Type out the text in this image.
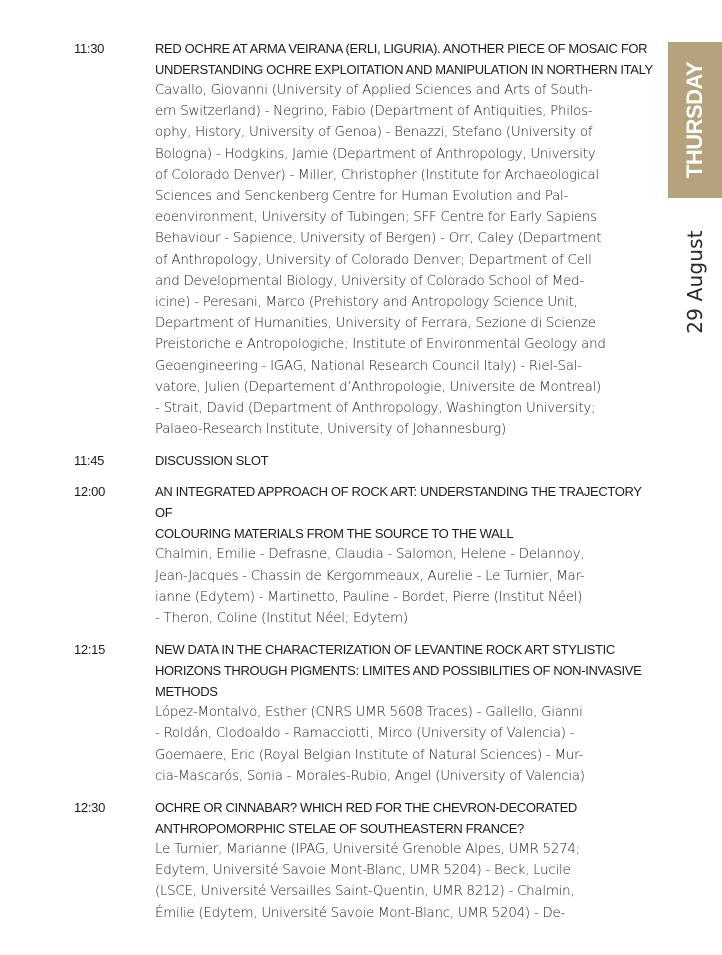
11:30	RED OCHRE AT ARMA VEIRANA (ERLI, LIGURIA). ANOTHER PIECE OF MOSAIC FOR
UNDERSTANDING OCHRE EXPLOITATION AND MANIPULATION IN NORTHERN ITALY
Cavallo, Giovanni (University of Applied Sciences and Arts of South-
ern Switzerland) - Negrino, Fabio (Department of Antiquities, Philos-
ophy, History, University of Genoa) - Benazzi, Stefano (University of
Bologna) - Hodgkins, Jamie (Department of Anthropology, University
of Colorado Denver) - Miller, Christopher (Institute for Archaeological
Sciences and Senckenberg Centre for Human Evolution and Pal-
eoenvironment, University of Tubingen; SFF Centre for Early Sapiens
Behaviour - Sapience, University of Bergen) - Orr, Caley (Department
of Anthropology, University of Colorado Denver; Department of Cell
and Developmental Biology, University of Colorado School of Med-
icine) - Peresani, Marco (Prehistory and Antropology Science Unit,
Department of Humanities, University of Ferrara, Sezione di Scienze
Preistoriche e Antropologiche; Institute of Environmental Geology and
Geoengineering - IGAG, National Research Council Italy) - Riel-Sal-
vatore, Julien (Departement d’Anthropologie, Universite de Montreal)
- Strait, David (Department of Anthropology, Washington University;
Palaeo-Research Institute, University of Johannesburg)
11:45	DISCUSSION SLOT
12:00	AN INTEGRATED APPROACH OF ROCK ART: UNDERSTANDING THE TRAJECTORY OF
COLOURING MATERIALS FROM THE SOURCE TO THE WALL
Chalmin, Emilie - Defrasne, Claudia - Salomon, Helene - Delannoy,
Jean-Jacques - Chassin de Kergommeaux, Aurelie - Le Turnier, Mar-
ianne (Edytem) - Martinetto, Pauline - Bordet, Pierre (Institut Néel)
- Theron, Coline (Institut Néel; Edytem)
12:15	NEW DATA IN THE CHARACTERIZATION OF LEVANTINE ROCK ART STYLISTIC
HORIZONS THROUGH PIGMENTS: LIMITES AND POSSIBILITIES OF NON-INVASIVE
METHODS
López-Montalvo, Esther (CNRS UMR 5608 Traces) - Gallello, Gianni
- Roldán, Clodoaldo - Ramacciotti, Mirco (University of Valencia) -
Goemaere, Eric (Royal Belgian Institute of Natural Sciences) - Mur-
cia-Mascarós, Sonia - Morales-Rubio, Angel (University of Valencia)
12:30	OCHRE OR CINNABAR? WHICH RED FOR THE CHEVRON-DECORATED
ANTHROPOMORPHIC STELAE OF SOUTHEASTERN FRANCE?
Le Turnier, Marianne (IPAG, Université Grenoble Alpes, UMR 5274;
Edytem, Université Savoie Mont-Blanc, UMR 5204) - Beck, Lucile
(LSCE, Université Versailles Saint-Quentin, UMR 8212) - Chalmin,
Émilie (Edytem, Université Savoie Mont-Blanc, UMR 5204) - De-
THURSDAY
29 August
